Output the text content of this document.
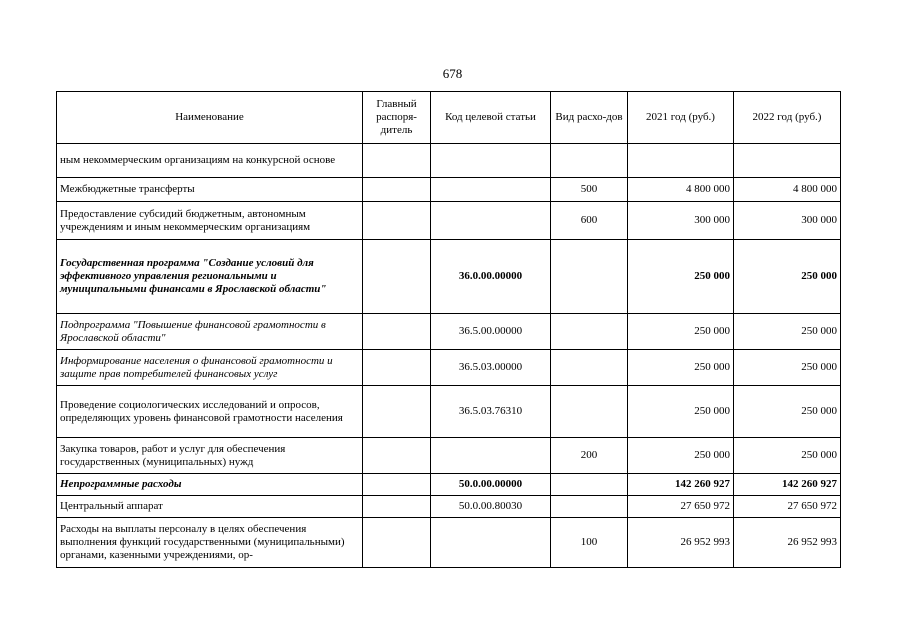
678
Наименование	Главный распоря-дитель	Код целевой статьи	Вид расхо-дов	2021 год (руб.)	2022 год (руб.)
ным некоммерческим организациям на конкурсной основе					
Межбюджетные трансферты			500	4 800 000	4 800 000
Предоставление субсидий бюджетным, автономным учреждениям и иным некоммерческим организациям			600	300 000	300 000
Государственная программа "Создание условий для эффективного управления региональными и муниципальными финансами в Ярославской области"		36.0.00.00000		250 000	250 000
Подпрограмма "Повышение финансовой грамотности в Ярославской области"		36.5.00.00000		250 000	250 000
Информирование населения о финансовой грамотности и защите прав потребителей финансовых услуг		36.5.03.00000		250 000	250 000
Проведение социологических исследований и опросов, определяющих уровень финансовой грамотности населения		36.5.03.76310		250 000	250 000
Закупка товаров, работ и услуг для обеспечения государственных (муниципальных) нужд			200	250 000	250 000
Непрограммные расходы		50.0.00.00000		142 260 927	142 260 927
Центральный аппарат		50.0.00.80030		27 650 972	27 650 972
Расходы на выплаты персоналу в целях обеспечения выполнения функций государственными (муниципальными) органами, казенными учреждениями, ор-			100	26 952 993	26 952 993
